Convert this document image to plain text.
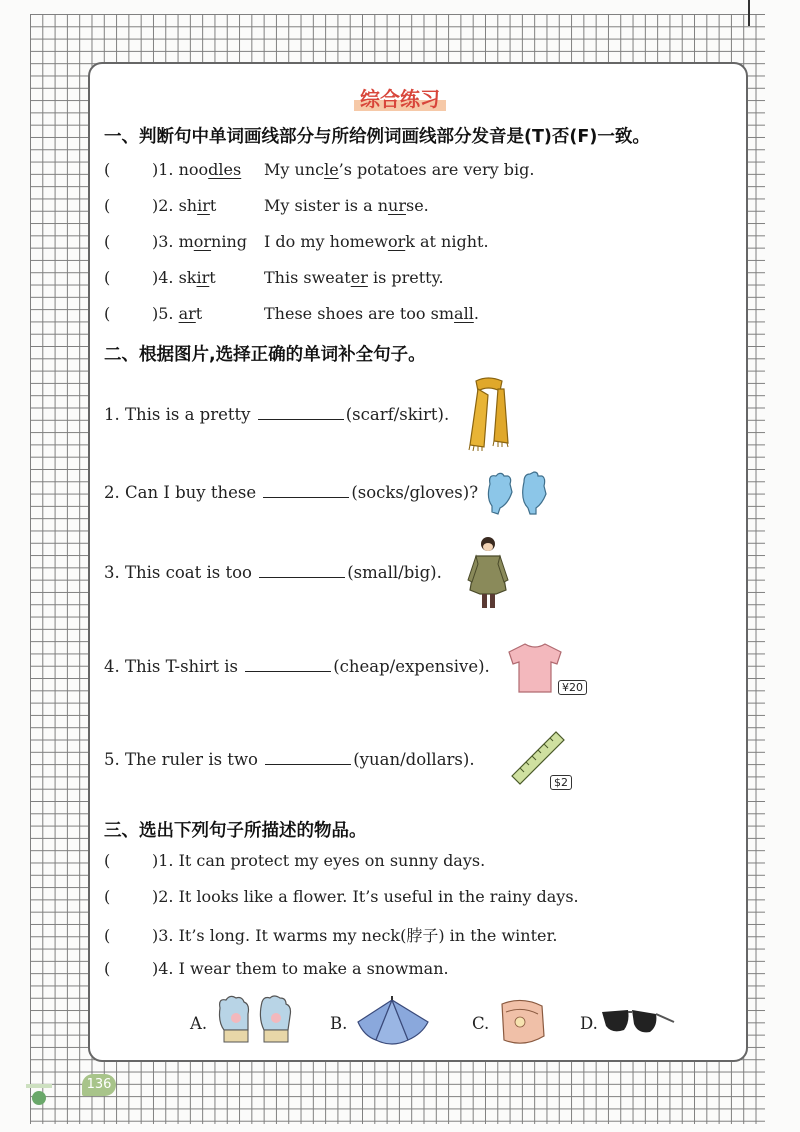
综合练习
一、判断句中单词画线部分与所给例词画线部分发音是(T)否(F)一致。
(	)1. noodles My uncle’s potatoes are very big.
(	)2. shirt	My sister is a nurse.
(	)3. morning I do my homework at night.
(	)4. skirt	This sweater is pretty.
(	)5. art	These shoes are too small.
二、根据图片,选择正确的单词补全句子。
1. This is a pretty	(scarf/skirt).
2. Can I buy these	(socks/gloves)?
3. This coat is too	(small/big).
4. This T-shirt is	(cheap/expensive).
5. The ruler is two	(yuan/dollars).
¥20
$2
三、选出下列句子所描述的物品。
(	)1. It can protect my eyes on sunny days.
(	)2. It looks like a flower. It’s useful in the rainy days.
(	)3. It’s long. It warms my neck(脖子) in the winter.
(	)4. I wear them to make a snowman.
A.	B.	C.	D.
136
